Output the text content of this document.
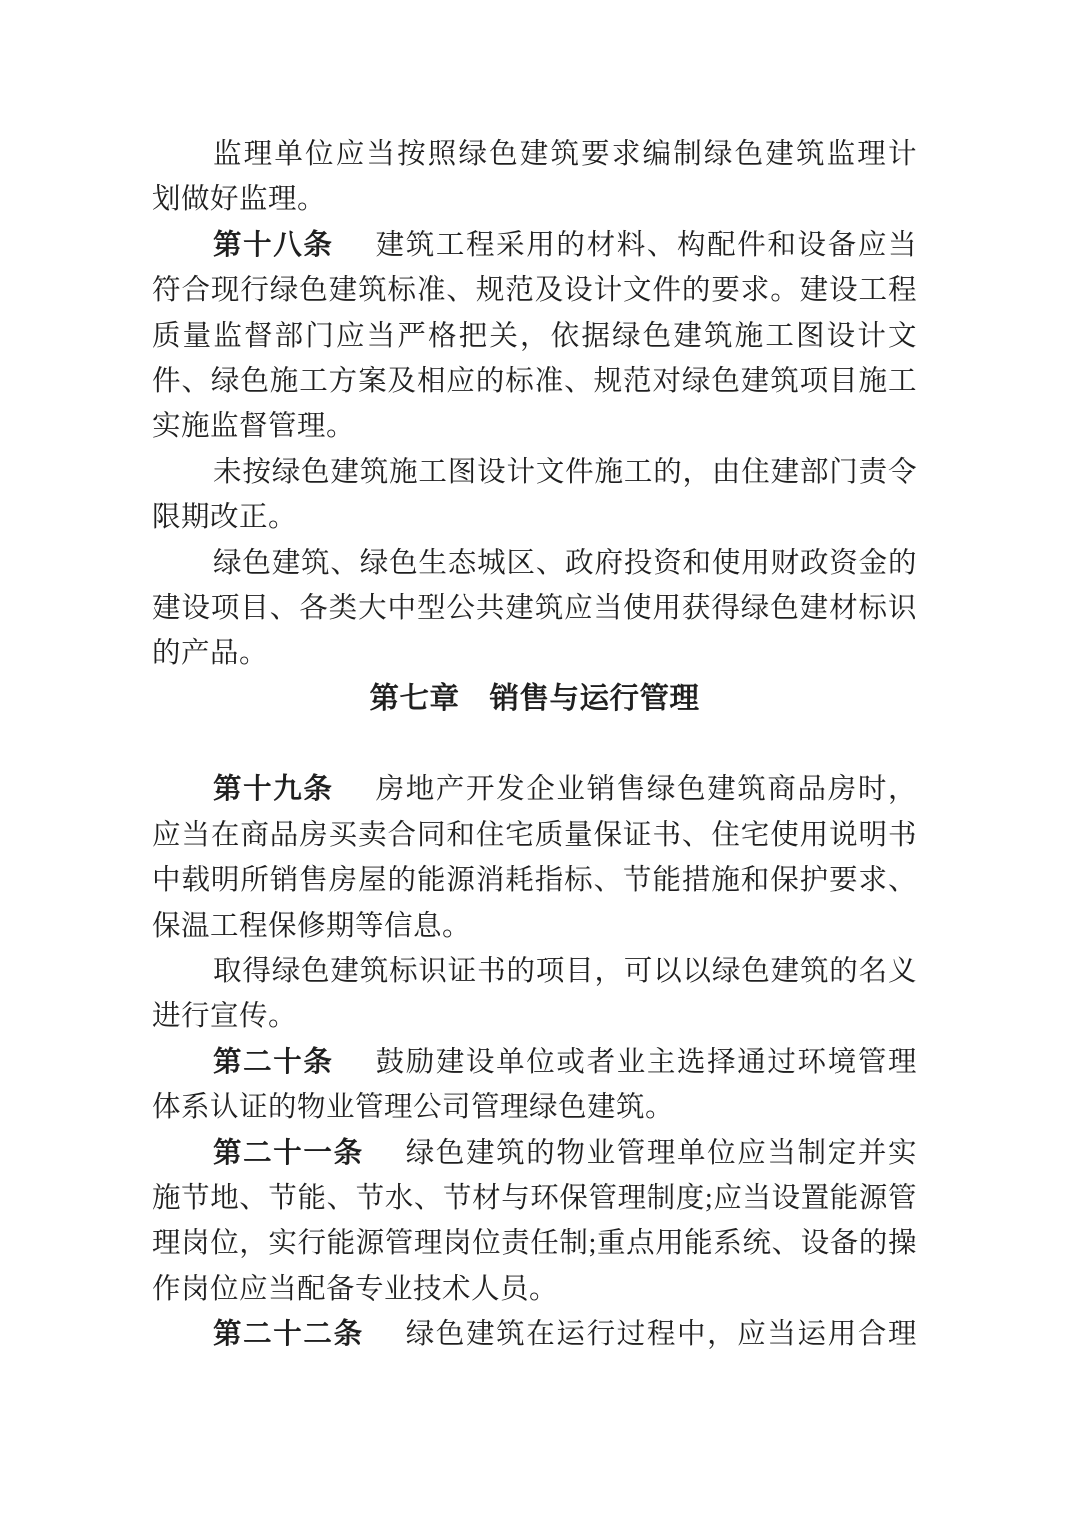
监理单位应当按照绿色建筑要求编制绿色建筑监理计
划做好监理。
第十八条 建筑工程采用的材料、构配件和设备应当
符合现行绿色建筑标准、规范及设计文件的要求。建设工程
质量监督部门应当严格把关，依据绿色建筑施工图设计文
件、绿色施工方案及相应的标准、规范对绿色建筑项目施工
实施监督管理。
未按绿色建筑施工图设计文件施工的，由住建部门责令
限期改正。
绿色建筑、绿色生态城区、政府投资和使用财政资金的
建设项目、各类大中型公共建筑应当使用获得绿色建材标识
的产品。
第七章　销售与运行管理
第十九条 房地产开发企业销售绿色建筑商品房时，
应当在商品房买卖合同和住宅质量保证书、住宅使用说明书
中载明所销售房屋的能源消耗指标、节能措施和保护要求、
保温工程保修期等信息。
取得绿色建筑标识证书的项目，可以以绿色建筑的名义
进行宣传。
第二十条 鼓励建设单位或者业主选择通过环境管理
体系认证的物业管理公司管理绿色建筑。
第二十一条 绿色建筑的物业管理单位应当制定并实
施节地、节能、节水、节材与环保管理制度;应当设置能源管
理岗位，实行能源管理岗位责任制;重点用能系统、设备的操
作岗位应当配备专业技术人员。
第二十二条 绿色建筑在运行过程中，应当运用合理
